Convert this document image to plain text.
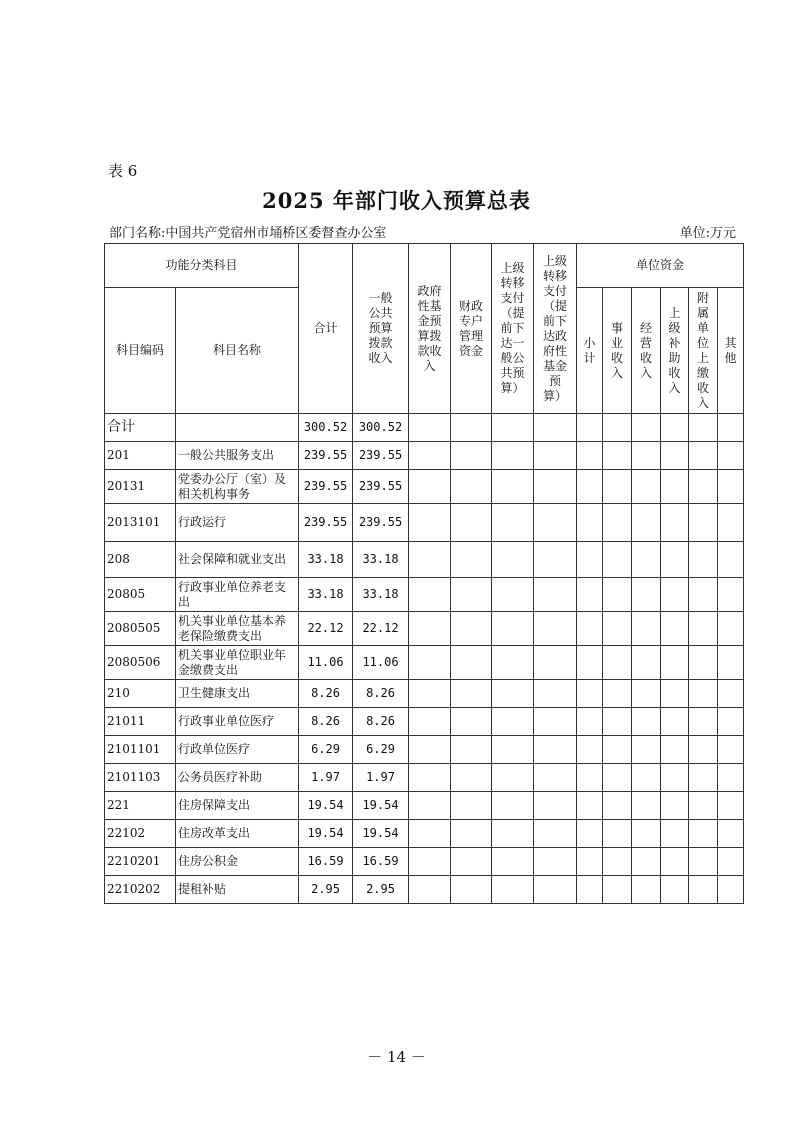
表 6
2025 年部门收入预算总表
部门名称:中国共产党宿州市埇桥区委督查办公室	单位:万元
功能分类科目		合计	一般公共预算拨款收入	政府性基金预算拨款收入	财政专户管理资金	上级转移支付（提前下达一般公共预算）	上级转移支付（提前下达政府性基金预算）	单位资金					
科目编码	科目名称							小计	事业收入	经营收入	上级补助收入	附属单位上缴收入	其他
合计		300.52	300.52										
201	一般公共服务支出	239.55	239.55										
20131	党委办公厅（室）及相关机构事务	239.55	239.55										
2013101	行政运行	239.55	239.55										
208	社会保障和就业支出	33.18	33.18										
20805	行政事业单位养老支出	33.18	33.18										
2080505	机关事业单位基本养老保险缴费支出	22.12	22.12										
2080506	机关事业单位职业年金缴费支出	11.06	11.06										
210	卫生健康支出	8.26	8.26										
21011	行政事业单位医疗	8.26	8.26										
2101101	行政单位医疗	6.29	6.29										
2101103	公务员医疗补助	1.97	1.97										
221	住房保障支出	19.54	19.54										
22102	住房改革支出	19.54	19.54										
2210201	住房公积金	16.59	16.59										
2210202	提租补贴	2.95	2.95										
－ 14 －
